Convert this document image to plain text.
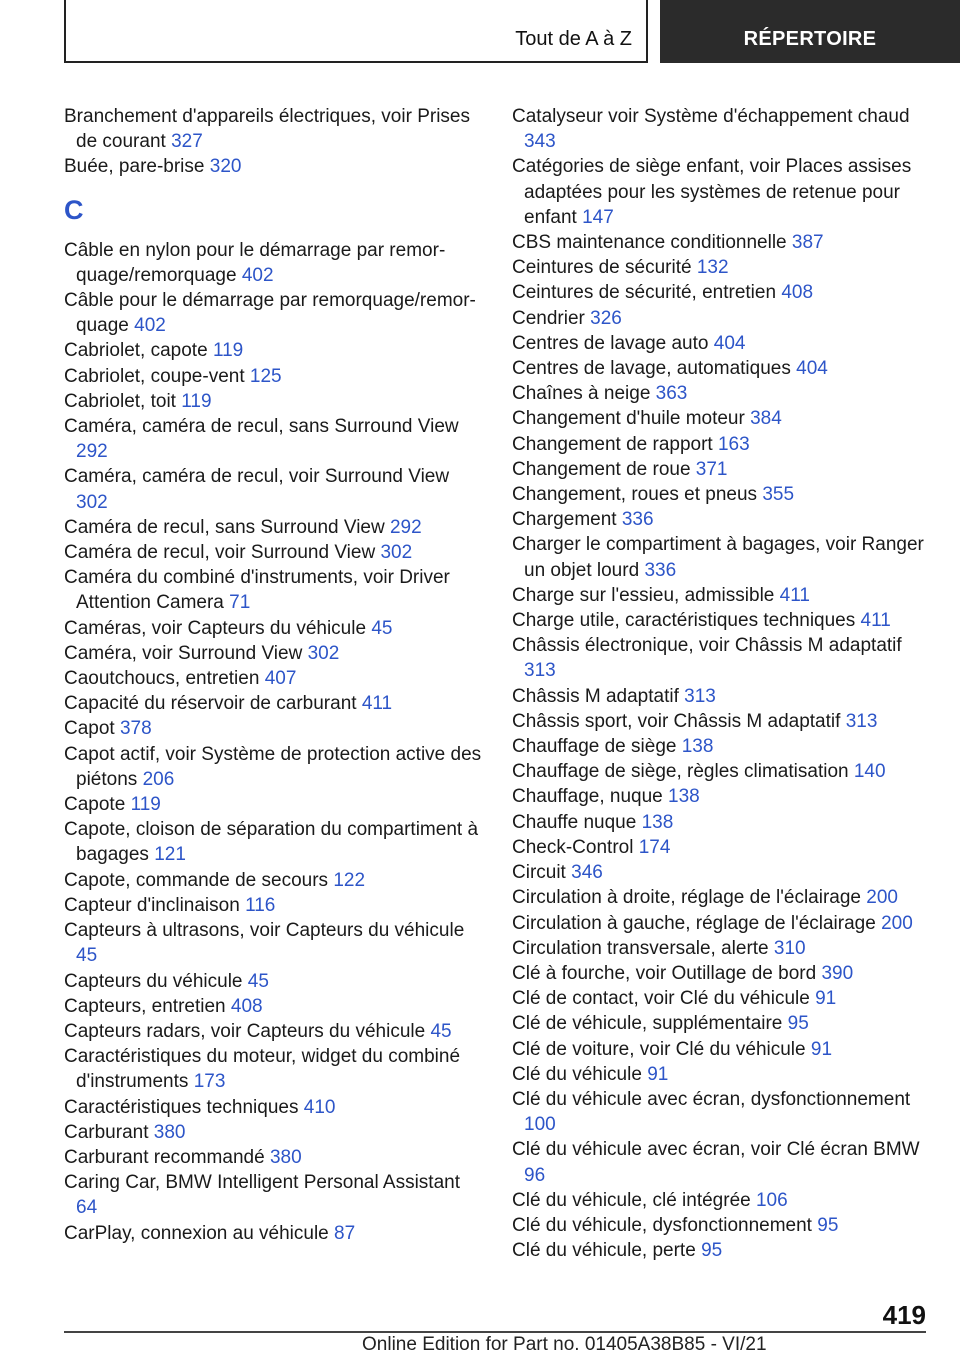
Tout de A à Z	RÉPERTOIRE

Branchement d'appareils électriques, voir Prises de courant 327

Buée, pare-brise 320

C

Câble en nylon pour le démarrage par remorquage/remorquage 402

Câble pour le démarrage par remorquage/remorquage 402

Cabriolet, capote 119

Cabriolet, coupe-vent 125

Cabriolet, toit 119

Caméra, caméra de recul, sans Surround View 292

Caméra, caméra de recul, voir Surround View 302

Caméra de recul, sans Surround View 292

Caméra de recul, voir Surround View 302

Caméra du combiné d'instruments, voir Driver Attention Camera 71

Caméras, voir Capteurs du véhicule 45

Caméra, voir Surround View 302

Caoutchoucs, entretien 407

Capacité du réservoir de carburant 411

Capot 378

Capot actif, voir Système de protection active des piétons 206

Capote 119

Capote, cloison de séparation du compartiment à bagages 121

Capote, commande de secours 122

Capteur d'inclinaison 116

Capteurs à ultrasons, voir Capteurs du véhicule 45

Capteurs du véhicule 45

Capteurs, entretien 408

Capteurs radars, voir Capteurs du véhicule 45

Caractéristiques du moteur, widget du combiné d'instruments 173

Caractéristiques techniques 410

Carburant 380

Carburant recommandé 380

Caring Car, BMW Intelligent Personal Assistant 64

CarPlay, connexion au véhicule 87

Catalyseur voir Système d'échappement chaud 343

Catégories de siège enfant, voir Places assises adaptées pour les systèmes de retenue pour enfant 147

CBS maintenance conditionnelle 387

Ceintures de sécurité 132

Ceintures de sécurité, entretien 408

Cendrier 326

Centres de lavage auto 404

Centres de lavage, automatiques 404

Chaînes à neige 363

Changement d'huile moteur 384

Changement de rapport 163

Changement de roue 371

Changement, roues et pneus 355

Chargement 336

Charger le compartiment à bagages, voir Ranger un objet lourd 336

Charge sur l'essieu, admissible 411

Charge utile, caractéristiques techniques 411

Châssis électronique, voir Châssis M adaptatif 313

Châssis M adaptatif 313

Châssis sport, voir Châssis M adaptatif 313

Chauffage de siège 138

Chauffage de siège, règles climatisation 140

Chauffage, nuque 138

Chauffe nuque 138

Check-Control 174

Circuit 346

Circulation à droite, réglage de l'éclairage 200

Circulation à gauche, réglage de l'éclairage 200

Circulation transversale, alerte 310

Clé à fourche, voir Outillage de bord 390

Clé de contact, voir Clé du véhicule 91

Clé de véhicule, supplémentaire 95

Clé de voiture, voir Clé du véhicule 91

Clé du véhicule 91

Clé du véhicule avec écran, dysfonctionnement 100

Clé du véhicule avec écran, voir Clé écran BMW 96

Clé du véhicule, clé intégrée 106

Clé du véhicule, dysfonctionnement 95

Clé du véhicule, perte 95

419
Online Edition for Part no. 01405A38B85 - VI/21
